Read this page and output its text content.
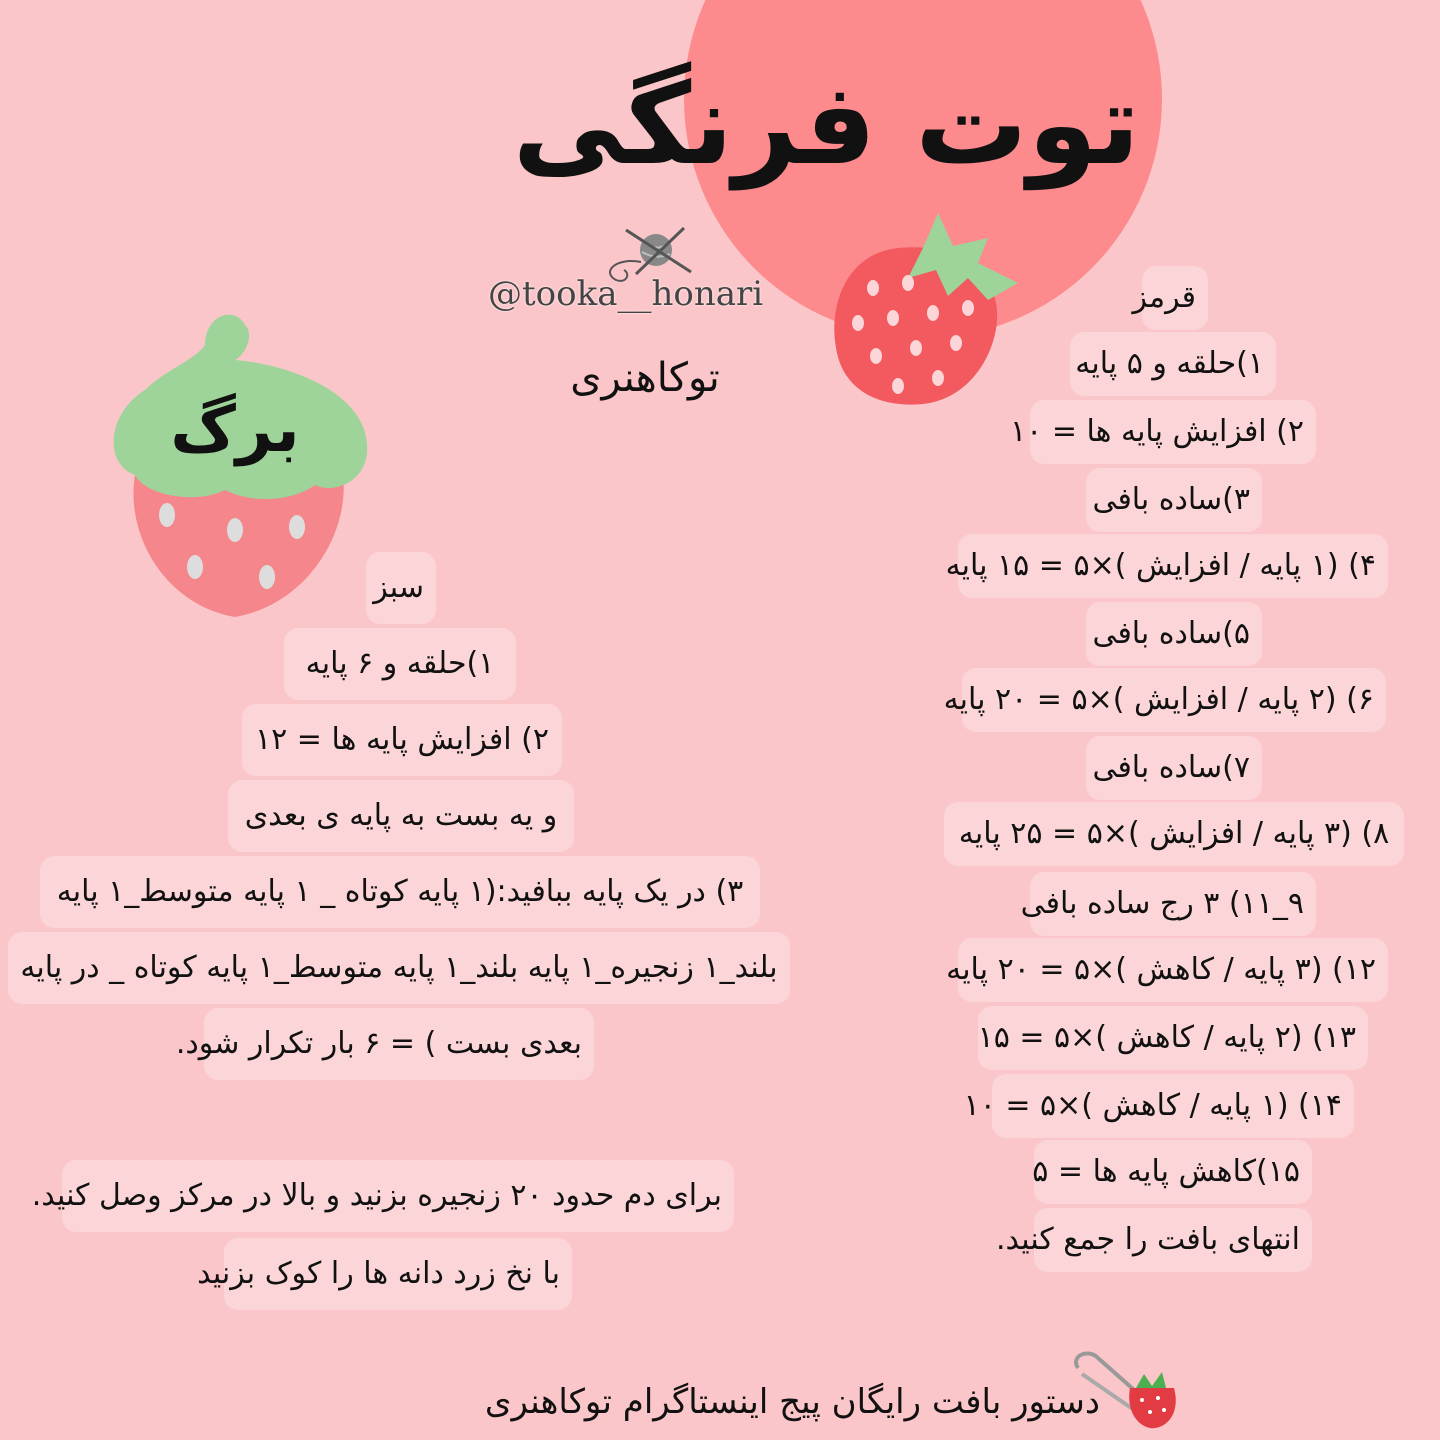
توت فرنگی
@tooka__honari
توکاهنری
برگ
قرمز
۱)حلقه و ۵ پایه
۲) افزایش پایه ها = ۱۰
۳)ساده بافی
۴) (۱ پایه / افزایش )×۵ = ۱۵ پایه
۵)ساده بافی
۶) (۲ پایه / افزایش )×۵ = ۲۰ پایه
۷)ساده بافی
۸) (۳ پایه / افزایش )×۵ = ۲۵ پایه
۹_۱۱) ۳ رج ساده بافی
۱۲) (۳ پایه / کاهش )×۵ = ۲۰ پایه
۱۳) (۲ پایه / کاهش )×۵ = ۱۵
۱۴) (۱ پایه / کاهش )×۵ = ۱۰
۱۵)کاهش پایه ها = ۵
انتهای بافت را جمع کنید.
سبز
۱)حلقه و ۶ پایه
۲) افزایش پایه ها = ۱۲
و یه بست به پایه ی بعدی
۳) در یک پایه ببافید:(۱ پایه کوتاه _ ۱ پایه متوسط_۱ پایه
بلند_۱ زنجیره_۱ پایه بلند_۱ پایه متوسط_۱ پایه کوتاه _ در پایه
بعدی بست ) = ۶ بار تکرار شود.
برای دم حدود ۲۰ زنجیره بزنید و بالا در مرکز وصل کنید.
با نخ زرد دانه ها را کوک بزنید
دستور بافت رایگان پیج اینستاگرام توکاهنری
